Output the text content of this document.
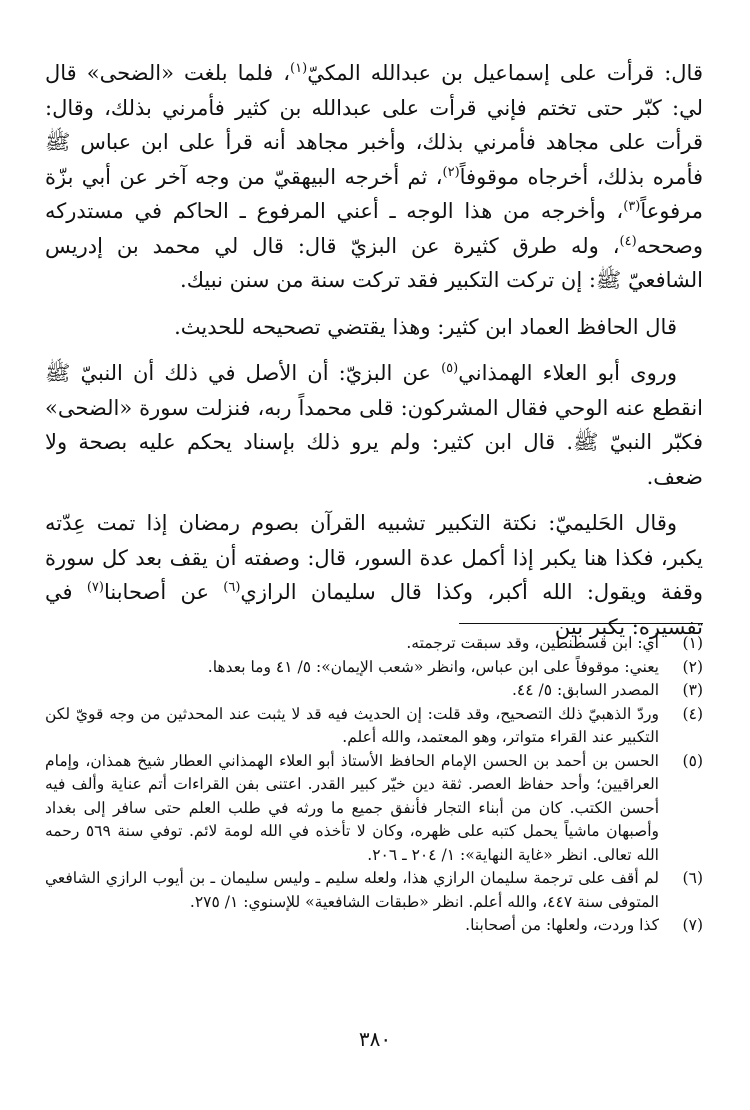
قال: قرأت على إسماعيل بن عبدالله المكيّ$^{(١)}$، فلما بلغت «الضحى» قال لي: كبّر حتى تختم فإني قرأت على عبدالله بن كثير فأمرني بذلك، وقال: قرأت على مجاهد فأمرني بذلك، وأخبر مجاهد أنه قرأ على ابن عباس ﷺ فأمره بذلك، أخرجاه موقوفاً$^{(٢)}$، ثم أخرجه البيهقيّ من وجه آخر عن أبي بزّة مرفوعاً$^{(٣)}$، وأخرجه من هذا الوجه ـ أعني المرفوع ـ الحاكم في مستدركه وصححه$^{(٤)}$، وله طرق كثيرة عن البزيّ قال: قال لي محمد بن إدريس الشافعيّ ﷺ: إن تركت التكبير فقد تركت سنة من سنن نبيك.

قال الحافظ العماد ابن كثير: وهذا يقتضي تصحيحه للحديث.

وروى أبو العلاء الهمذاني$^{(٥)}$ عن البزيّ: أن الأصل في ذلك أن النبيّ ﷺ انقطع عنه الوحي فقال المشركون: قلى محمداً ربه، فنزلت سورة «الضحى» فكبّر النبيّ ﷺ. قال ابن كثير: ولم يرو ذلك بإسناد يحكم عليه بصحة ولا ضعف.

وقال الحَليميّ: نكتة التكبير تشبيه القرآن بصوم رمضان إذا تمت عِدّته يكبر، فكذا هنا يكبر إذا أكمل عدة السور، قال: وصفته أن يقف بعد كل سورة وقفة ويقول: الله أكبر، وكذا قال سليمان الرازي$^{(٦)}$ عن أصحابنا$^{(٧)}$ في تفسيره: يكبر بين

(١)
أي: ابن قسطنطين، وقد سبقت ترجمته.
(٢)
يعني: موقوفاً على ابن عباس، وانظر «شعب الإيمان»: ٥/ ٤١ وما بعدها.
(٣)
المصدر السابق: ٥/ ٤٤.
(٤)
وردّ الذهبيّ ذلك التصحيح، وقد قلت: إن الحديث فيه قد لا يثبت عند المحدثين من وجه قويّ لكن التكبير عند القراء متواتر، وهو المعتمد، والله أعلم.
(٥)
الحسن بن أحمد بن الحسن الإمام الحافظ الأستاذ أبو العلاء الهمذاني العطار شيخ همذان، وإمام العراقيين؛ وأحد حفاظ العصر. ثقة دين خيّر كبير القدر. اعتنى بفن القراءات أتم عناية وألف فيه أحسن الكتب. كان من أبناء التجار فأنفق جميع ما ورثه في طلب العلم حتى سافر إلى بغداد وأصبهان ماشياً يحمل كتبه على ظهره، وكان لا تأخذه في الله لومة لائم. توفي سنة ٥٦٩ رحمه الله تعالى. انظر «غاية النهاية»: ١/ ٢٠٤ ـ ٢٠٦.
(٦)
لم أقف على ترجمة سليمان الرازي هذا، ولعله سليم ـ وليس سليمان ـ بن أيوب الرازي الشافعي المتوفى سنة ٤٤٧، والله أعلم. انظر «طبقات الشافعية» للإسنوي: ١/ ٢٧٥.
(٧)
كذا وردت، ولعلها: من أصحابنا.
٣٨٠
